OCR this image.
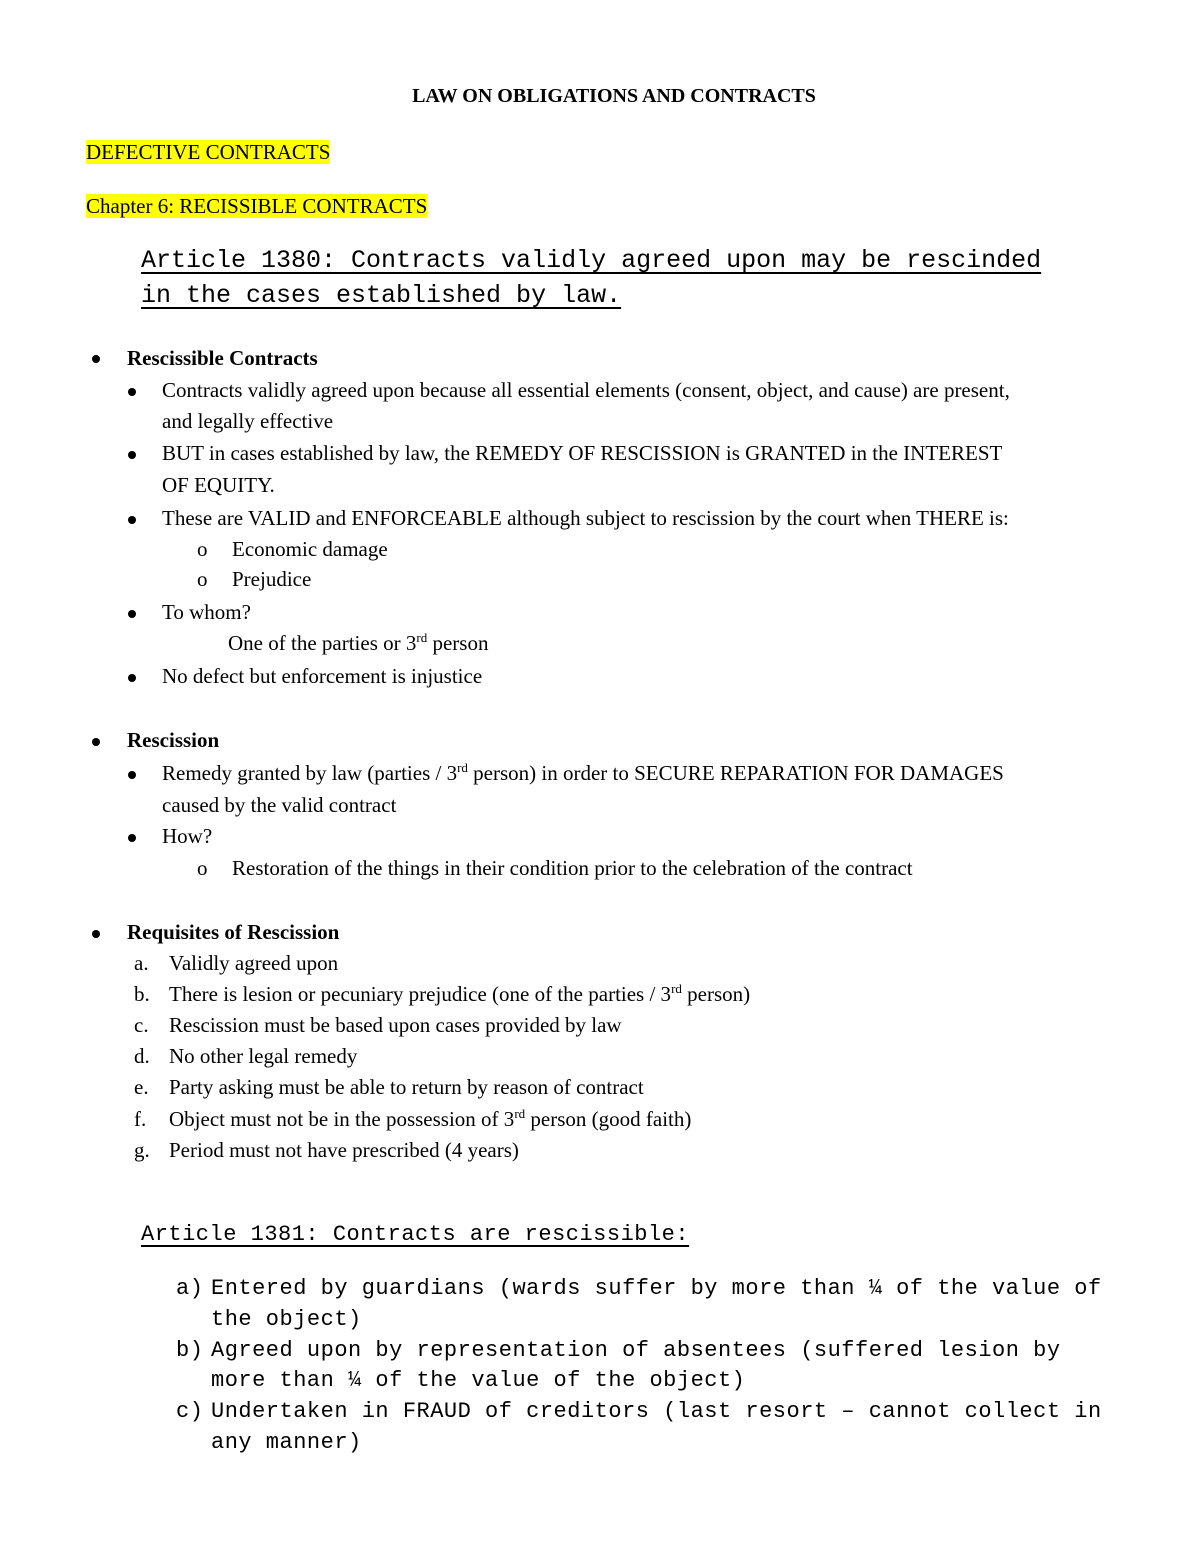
LAW ON OBLIGATIONS AND CONTRACTS
DEFECTIVE CONTRACTS
Chapter 6: RECISSIBLE CONTRACTS
Article 1380: Contracts validly agreed upon may be rescinded
in the cases established by law.
Rescissible Contracts
Contracts validly agreed upon because all essential elements (consent, object, and cause) are present,
and legally effective
BUT in cases established by law, the REMEDY OF RESCISSION is GRANTED in the INTEREST
OF EQUITY.
These are VALID and ENFORCEABLE although subject to rescission by the court when THERE is:
o Economic damage
o Prejudice
To whom?
One of the parties or 3rd person
No defect but enforcement is injustice
Rescission
Remedy granted by law (parties / 3rd person) in order to SECURE REPARATION FOR DAMAGES
caused by the valid contract
How?
o Restoration of the things in their condition prior to the celebration of the contract
Requisites of Rescission
a. Validly agreed upon
b. There is lesion or pecuniary prejudice (one of the parties / 3rd person)
c. Rescission must be based upon cases provided by law
d. No other legal remedy
e. Party asking must be able to return by reason of contract
f. Object must not be in the possession of 3rd person (good faith)
g. Period must not have prescribed (4 years)
Article 1381: Contracts are rescissible:
a) Entered by guardians (wards suffer by more than ¼ of the value of
the object)
b) Agreed upon by representation of absentees (suffered lesion by
more than ¼ of the value of the object)
c) Undertaken in FRAUD of creditors (last resort – cannot collect in
any manner)
